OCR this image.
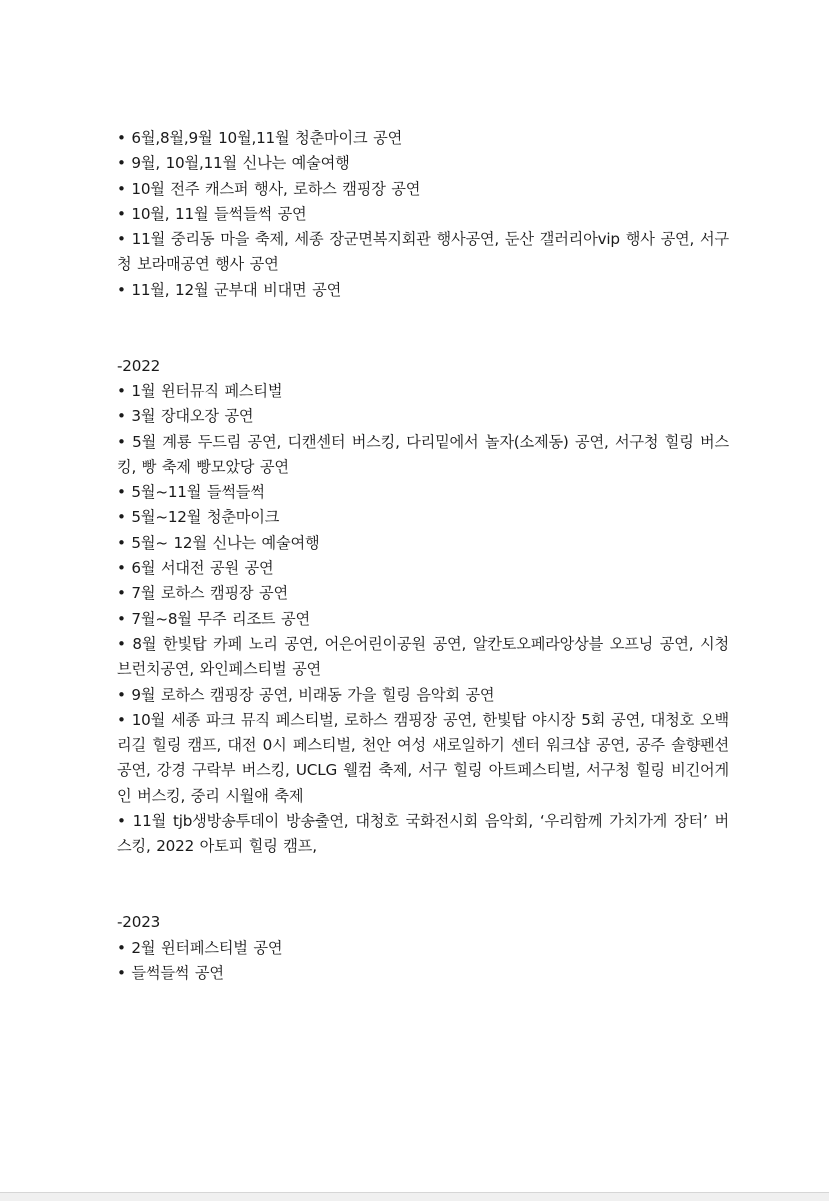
• 6월,8월,9월 10월,11월 청춘마이크 공연

• 9월, 10월,11월 신나는 예술여행

• 10월 전주 캐스퍼 행사, 로하스 캠핑장 공연

• 10월, 11월 들썩들썩 공연

• 11월 중리동 마을 축제, 세종 장군면복지회관 행사공연, 둔산 갤러리아vip 행사 공연, 서구청 보라매공연 행사 공연

• 11월, 12월 군부대 비대면 공연

-2022

• 1월 윈터뮤직 페스티벌

• 3월 장대오장 공연

• 5월 계룡 두드림 공연, 디캔센터 버스킹, 다리밑에서 놀자(소제동) 공연, 서구청 힐링 버스킹, 빵 축제 빵모았당 공연

• 5월~11월 들썩들썩

• 5월~12월 청춘마이크

• 5월~ 12월 신나는 예술여행

• 6월 서대전 공원 공연

• 7월 로하스 캠핑장 공연

• 7월~8월 무주 리조트 공연

• 8월 한빛탑 카페 노리 공연, 어은어린이공원 공연, 알칸토오페라앙상블 오프닝 공연, 시청 브런치공연, 와인페스티벌 공연

• 9월 로하스 캠핑장 공연, 비래동 가을 힐링 음악회 공연

• 10월 세종 파크 뮤직 페스티벌, 로하스 캠핑장 공연, 한빛탑 야시장 5회 공연, 대청호 오백리길 힐링 캠프, 대전 0시 페스티벌, 천안 여성 새로일하기 센터 워크샵 공연, 공주 솔향펜션 공연, 강경 구락부 버스킹, UCLG 웰컴 축제, 서구 힐링 아트페스티벌, 서구청 힐링 비긴어게인 버스킹, 중리 시월애 축제

• 11월 tjb생방송투데이 방송출연, 대청호 국화전시회 음악회, ‘우리함께 가치가게 장터’ 버스킹, 2022 아토피 힐링 캠프,

-2023

• 2월 윈터페스티벌 공연

• 들썩들썩 공연
